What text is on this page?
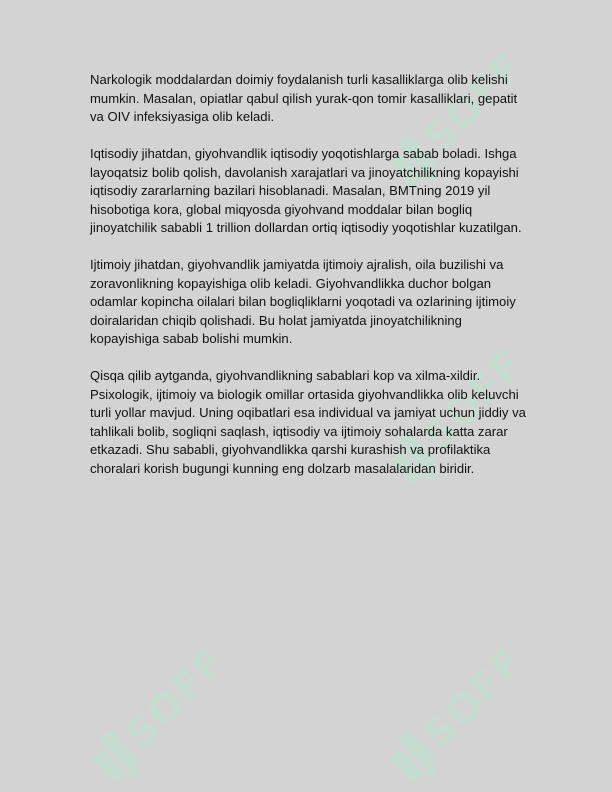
SOFF
SOFF
SOFF	SOFF

Narkologik moddalardan doimiy foydalanish turli kasalliklarga olib kelishi mumkin. Masalan, opiatlar qabul qilish yurak-qon tomir kasalliklari, gepatit va OIV infeksiyasiga olib keladi.

Iqtisodiy jihatdan, giyohvandlik iqtisodiy yoqotishlarga sabab boladi. Ishga layoqatsiz bolib qolish, davolanish xarajatlari va jinoyatchilikning kopayishi iqtisodiy zararlarning bazilari hisoblanadi. Masalan, BMTning 2019 yil hisobotiga kora, global miqyosda giyohvand moddalar bilan bogliq jinoyatchilik sababli 1 trillion dollardan ortiq iqtisodiy yoqotishlar kuzatilgan.

Ijtimoiy jihatdan, giyohvandlik jamiyatda ijtimoiy ajralish, oila buzilishi va zoravonlikning kopayishiga olib keladi. Giyohvandlikka duchor bolgan odamlar kopincha oilalari bilan bogliqliklarni yoqotadi va ozlarining ijtimoiy doiralaridan chiqib qolishadi. Bu holat jamiyatda jinoyatchilikning kopayishiga sabab bolishi mumkin.

Qisqa qilib aytganda, giyohvandlikning sabablari kop va xilma-xildir. Psixologik, ijtimoiy va biologik omillar ortasida giyohvandlikka olib keluvchi turli yollar mavjud. Uning oqibatlari esa individual va jamiyat uchun jiddiy va tahlikali bolib, sogliqni saqlash, iqtisodiy va ijtimoiy sohalarda katta zarar etkazadi. Shu sababli, giyohvandlikka qarshi kurashish va profilaktika choralari korish bugungi kunning eng dolzarb masalalaridan biridir.
